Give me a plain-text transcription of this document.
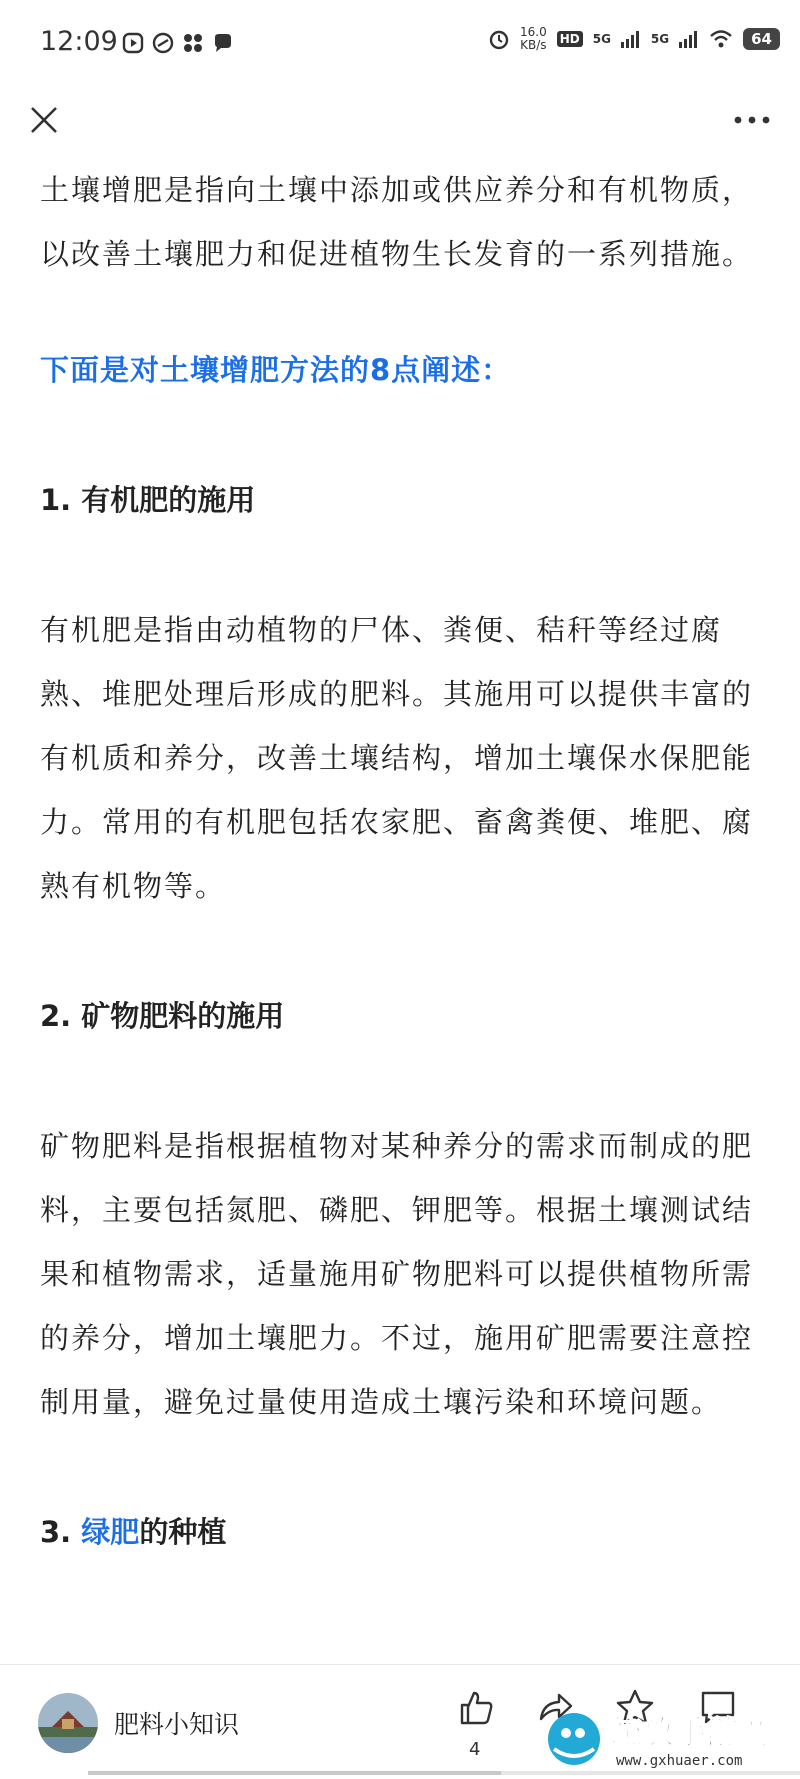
12:09	16.0
KB/s HD 5G	5G	64

土壤增肥是指向土壤中添加或供应养分和有机物质，以改善土壤肥力和促进植物生长发育的一系列措施。

下面是对土壤增肥方法的8点阐述：

1. 有机肥的施用

有机肥是指由动植物的尸体、粪便、秸秆等经过腐熟、堆肥处理后形成的肥料。其施用可以提供丰富的有机质和养分，改善土壤结构，增加土壤保水保肥能力。常用的有机肥包括农家肥、畜禽粪便、堆肥、腐熟有机物等。

2. 矿物肥料的施用

矿物肥料是指根据植物对某种养分的需求而制成的肥料，主要包括氮肥、磷肥、钾肥等。根据土壤测试结果和植物需求，适量施用矿物肥料可以提供植物所需的养分，增加土壤肥力。不过，施用矿肥需要注意控制用量，避免过量使用造成土壤污染和环境问题。

3. 绿肥的种植

肥料小知识
4	统放手游网
www.gxhuaer.com
